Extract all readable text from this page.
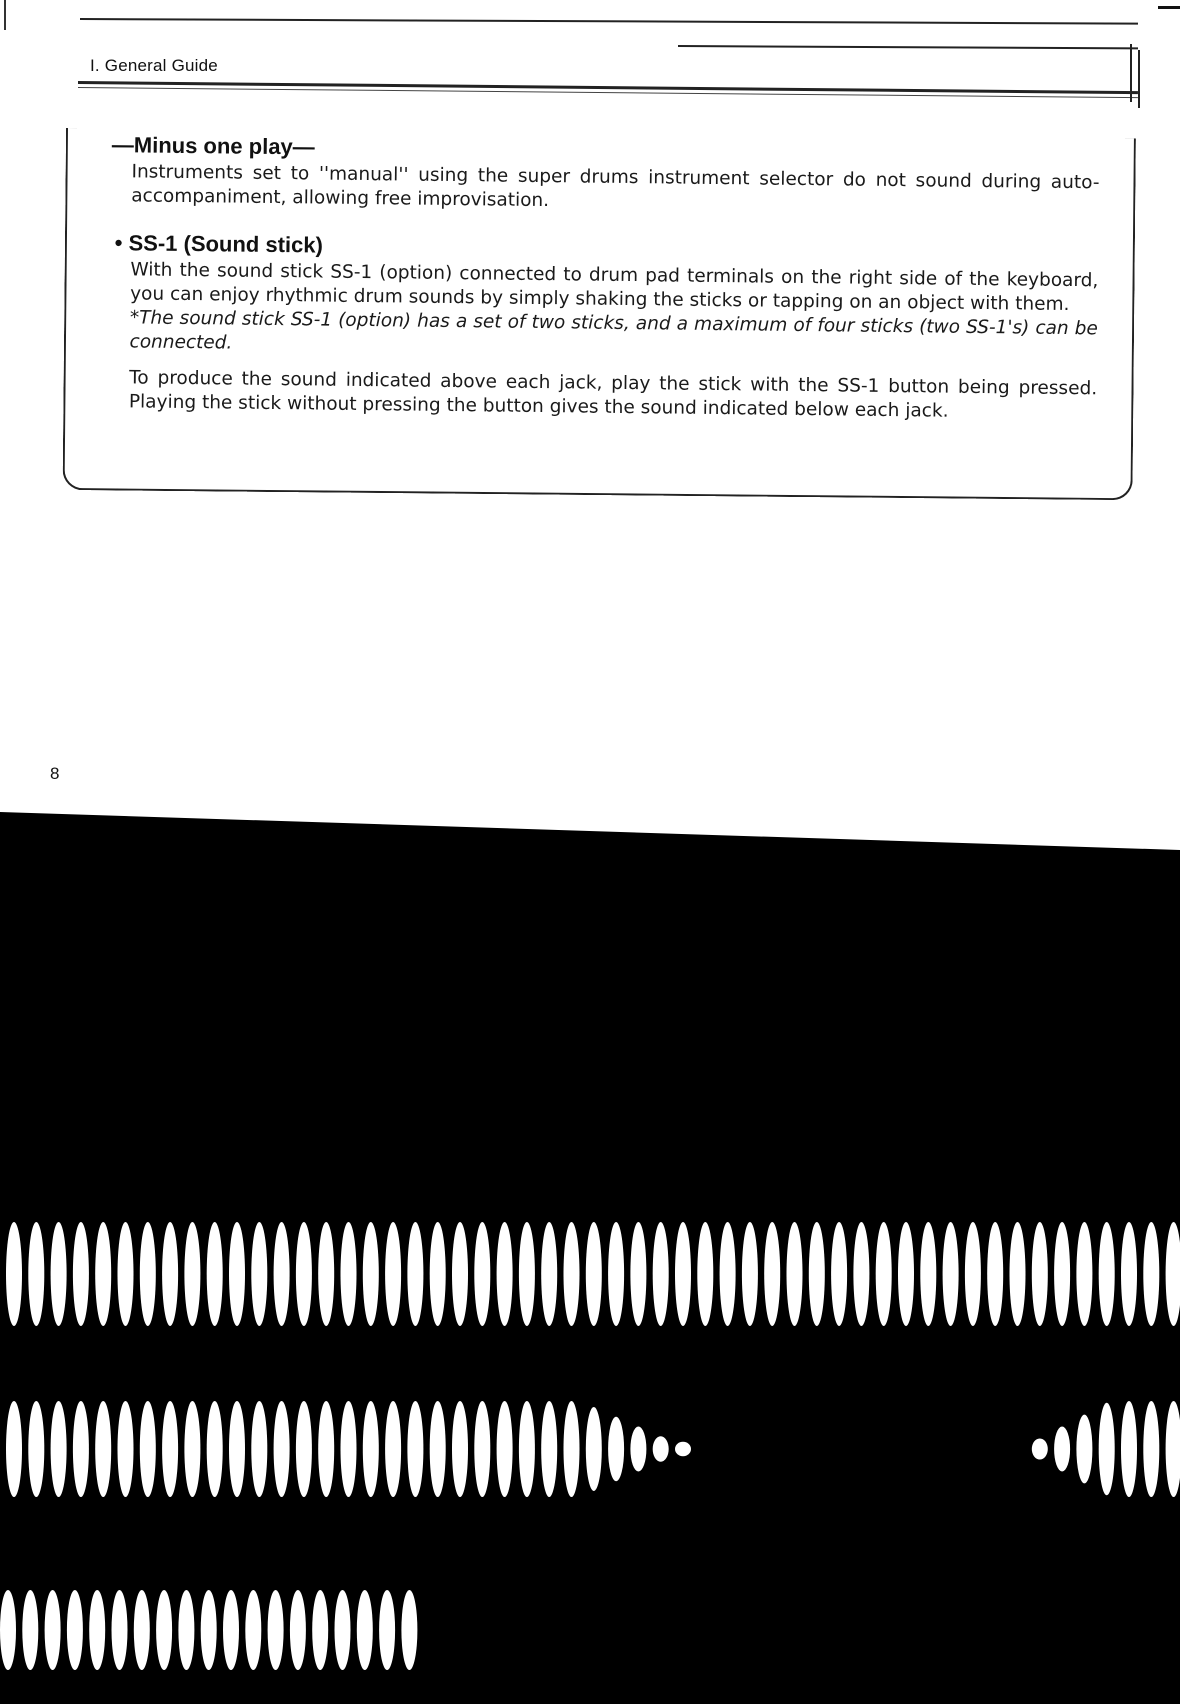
I. General Guide
—Minus one play—
Instruments set to ''manual'' using the super drums instrument selector do not sound during auto-accompaniment, allowing free improvisation.
• SS-1 (Sound stick)
With the sound stick SS-1 (option) connected to drum pad terminals on the right side of the keyboard, you can enjoy rhythmic drum sounds by simply shaking the sticks or tapping on an object with them.
*The sound stick SS-1 (option) has a set of two sticks, and a maximum of four sticks (two SS-1's) can be connected.
To produce the sound indicated above each jack, play the stick with the SS-1 button being pressed. Playing the stick without pressing the button gives the sound indicated below each jack.
8
